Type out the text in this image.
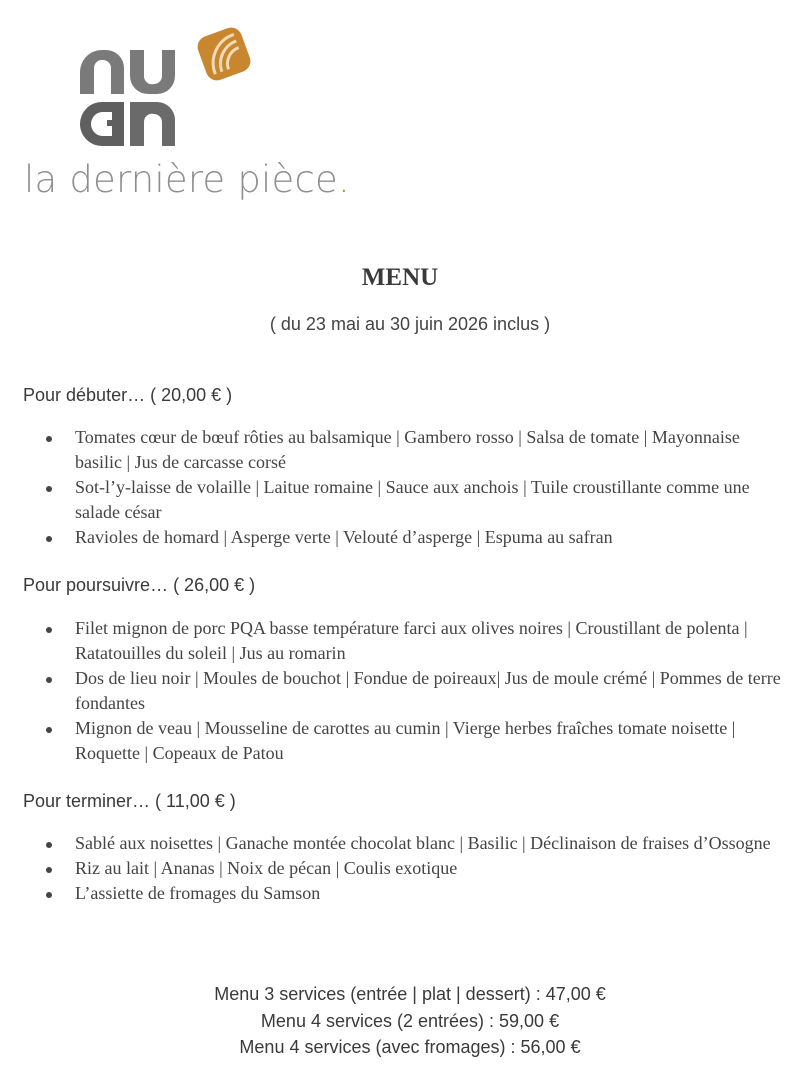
la dernière pièce.
MENU
( du 23 mai au 30 juin 2026 inclus )
Pour débuter… ( 20,00 € )
Tomates cœur de bœuf rôties au balsamique | Gambero rosso | Salsa de tomate | Mayonnaise basilic | Jus de carcasse corsé
Sot-l’y-laisse de volaille | Laitue romaine | Sauce aux anchois | Tuile croustillante comme une salade césar
Ravioles de homard | Asperge verte | Velouté d’asperge | Espuma au safran
Pour poursuivre… ( 26,00 € )
Filet mignon de porc PQA basse température farci aux olives noires | Croustillant de polenta | Ratatouilles du soleil | Jus au romarin
Dos de lieu noir | Moules de bouchot | Fondue de poireaux| Jus de moule crémé | Pommes de terre fondantes
Mignon de veau | Mousseline de carottes au cumin | Vierge herbes fraîches tomate noisette | Roquette | Copeaux de Patou
Pour terminer… ( 11,00 € )
Sablé aux noisettes | Ganache montée chocolat blanc | Basilic | Déclinaison de fraises d’Ossogne
Riz au lait | Ananas | Noix de pécan | Coulis exotique
L’assiette de fromages du Samson
Menu 3 services (entrée | plat | dessert) : 47,00 €
Menu 4 services (2 entrées) : 59,00 €
Menu 4 services (avec fromages) : 56,00 €
